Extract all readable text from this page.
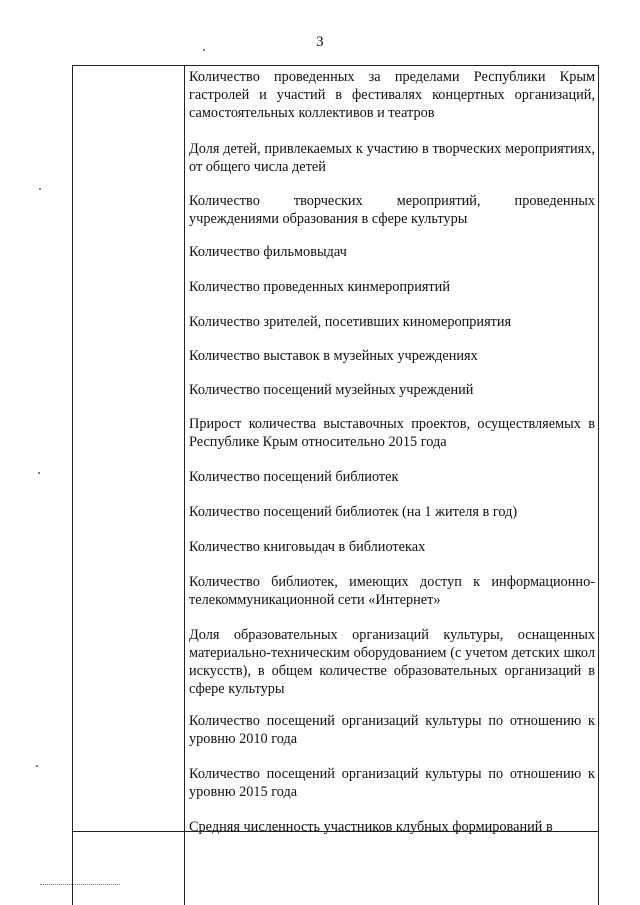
3

Количество проведенных за пределами Республики Крым гастролей и участий в фестивалях концертных организаций, самостоятельных коллективов и театров

Доля детей, привлекаемых к участию в творческих мероприятиях, от общего числа детей

Количество творческих мероприятий, проведенных учреждениями образования в сфере культуры

Количество фильмовыдач

Количество проведенных кинмероприятий

Количество зрителей, посетивших киномероприятия

Количество выставок в музейных учреждениях

Количество посещений музейных учреждений

Прирост количества выставочных проектов, осуществляемых в Республике Крым относительно 2015 года

Количество посещений библиотек

Количество посещений библиотек (на 1 жителя в год)

Количество книговыдач в библиотеках

Количество библиотек, имеющих доступ к информационно-телекоммуникационной сети «Интернет»

Доля образовательных организаций культуры, оснащенных материально-техническим оборудованием (с учетом детских школ искусств), в общем количестве образовательных организаций в сфере культуры

Количество посещений организаций культуры по отношению к уровню 2010 года

Количество посещений организаций культуры по отношению к уровню 2015 года

Средняя численность участников клубных формирований в
